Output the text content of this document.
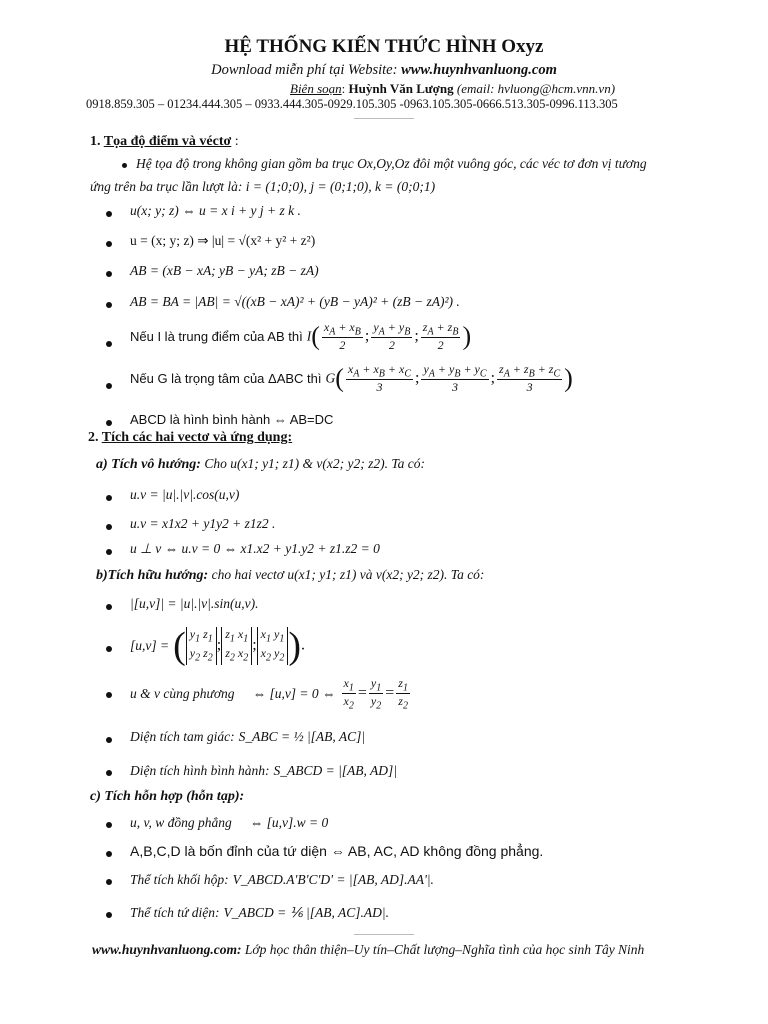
HỆ THỐNG KIẾN THỨC HÌNH Oxyz
Download miễn phí tại Website: www.huynhvanluong.com
Biên soạn: Huỳnh Văn Lượng (email: hvluong@hcm.vnn.vn)
0918.859.305 – 01234.444.305 – 0933.444.305-0929.105.305 -0963.105.305-0666.513.305-0996.113.305
1. Tọa độ điểm và véctơ :
Hệ tọa độ trong không gian gồm ba trục Ox,Oy,Oz đôi một vuông góc, các véc tơ đơn vị tương
ứng trên ba trục lần lượt là: i = (1;0;0), j = (0;1;0), k = (0;0;1)
u(x; y; z) ⇔ u = x i + y j + z k .
u = (x; y; z) ⇒ |u| = √(x² + y² + z²)
AB = (xB − xA; yB − yA; zB − zA)
AB = BA = |AB| = √((xB − xA)² + (yB − yA)² + (zB − zA)²) .
Nếu I là trung điểm của AB thì $I( \frac{x_A + x_B}{2}$ ; $\frac{y_A + y_B}{2}$ ; $\frac{z_A + z_B}{2}$ )
Nếu G là trọng tâm của ΔABC thì $G( \frac{x_A + x_B + x_C}{3}$ ; $\frac{y_A + y_B + y_C}{3}$ ; $\frac{z_A + z_B + z_C}{3}$ )
ABCD là hình bình hành ⇔ AB=DC
2. Tích các hai vectơ và ứng dụng:
a) Tích vô hướng: Cho u(x1; y1; z1) & v(x2; y2; z2). Ta có:
u.v = |u|.|v|.cos(u,v)
u.v = x1x2 + y1y2 + z1z2 .
u ⊥ v ⇔ u.v = 0 ⇔ x1.x2 + y1.y2 + z1.z2 = 0
b)Tích hữu hướng: cho hai vectơ u(x1; y1; z1) và v(x2; y2; z2). Ta có:
|[u,v]| = |u|.|v|.sin(u,v).
[u,v] = ( $y_1$ $z_1$
$y_2$ $z_2;z_1$ $x_1$
$z_2$ $x_2;x_1$ $y_1$
$x_2$ $y_2$ ).
u & v cùng phương ⇔ [u,v] = 0 ⇔ $\frac{x_1}{x_2} = \frac{y_1}{y_2} = \frac{z_1}{z_2}$
Diện tích tam giác: S_ABC = ½ |[AB, AC]|
Diện tích hình bình hành: S_ABCD = |[AB, AD]|
c) Tích hỗn hợp (hỗn tạp):
u, v, w đồng phẳng ⇔ [u,v].w = 0
A,B,C,D là bốn đỉnh của tứ diện ⇔ AB, AC, AD không đồng phẳng.
Thể tích khối hộp: V_ABCD.A'B'C'D' = |[AB, AD].AA'|.
Thể tích tứ diện: V_ABCD = ⅙ |[AB, AC].AD|.
www.huynhvanluong.com: Lớp học thân thiện–Uy tín–Chất lượng–Nghĩa tình của học sinh Tây Ninh
